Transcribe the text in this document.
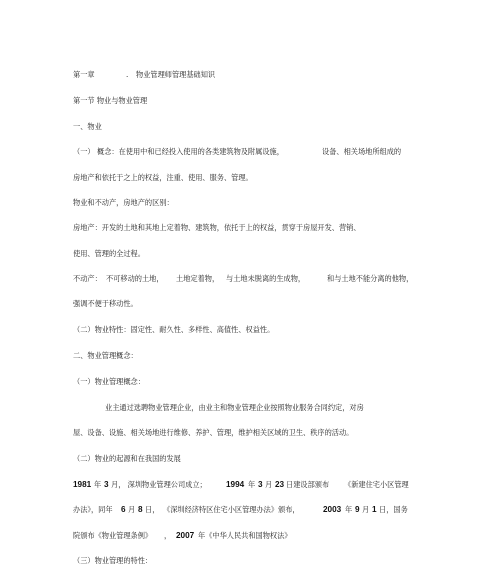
第一章	. 物业管理师管理基础知识
第一节 物业与物业管理
一、物业
（一） 概念：在使用中和已经投入使用的各类建筑物及附属设施，	设备、相关场地所组成的
房地产和依托于之上的权益，注重、使用、服务、管理。
物业和不动产，房地产的区别：
房地产：开发的土地和其地上定着物、建筑物，依托于上的权益，贯穿于房屋开发、营销、
使用、管理的全过程。
不动产： 不可移动的土地， 土地定着物， 与土地未脱离的生成物，	和与土地不能分离的他物，
强调不便于移动性。
（二）物业特性：固定性、耐久性、多样性、高值性、权益性。
二、物业管理概念：
（一）物业管理概念：
业主通过选聘物业管理企业，由业主和物业管理企业按照物业服务合同约定，对房
屋、设备、设施、相关场地进行维修、养护、管理，维护相关区域的卫生、秩序的活动。
（二）物业的起源和在我国的发展
1981 年 3 月， 深圳物业管理公司成立； 1994 年 3 月 23 日建设部颁布 《新建住宅小区管理
办法》，同年 6 月 8 日， 《深圳经济特区住宅小区管理办法》颁布，	2003 年 9 月 1 日，国务
院颁布《物业管理条例》 ， 2007 年《中华人民共和国物权法》
（三）物业管理的特性：
